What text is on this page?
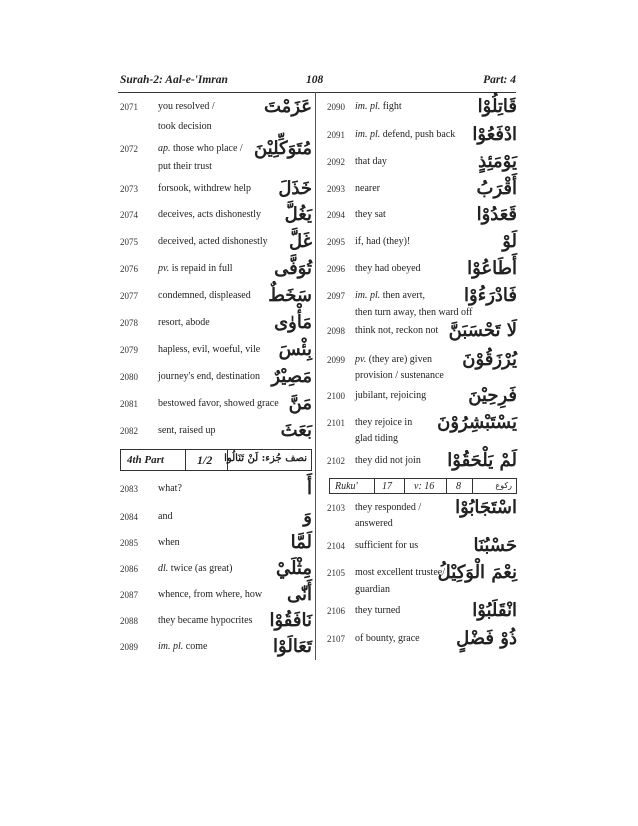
Surah-2: Aal-e-'Imran	108	Part: 4
2071 you resolved /	عَزَمْتَ
took decision
2072 ap. those who place / مُتَوَكِّلِيْنَ
put their trust
2073 forsook, withdrew help خَذَلَ
2074 deceives, acts dishonestly يَغُلَّ
2075 deceived, acted dishonestly غَلَّ
2076 pv. is repaid in full تُوَفَّى
2077 condemned, displeased سَخَطٌ
2078 resort, abode	مَأْوٰى
2079 hapless, evil, woeful, vile بِئْسَ
2080 journey's end, destination مَصِيْرٌ
2081 bestowed favor, showed grace مَنَّ
2082 sent, raised up	بَعَثَ
4th Part	1/2 نصف جُزء: لَنْ تَنَالُوا
2083 what?	أَ
2084 and	وَ
2085 when	لَمَّا
2086 dl. twice (as great) مِثْلَيْ
2087 whence, from where, how أَنّٰى
2088 they became hypocrites نَافَقُوْا
2089 im. pl. come	تَعَالَوْا
2090 im. pl. fight	قَاتِلُوْا
2091 im. pl. defend, push back ادْفَعُوْا
2092 that day	يَوْمَئِذٍ
2093 nearer	أَقْرَبُ
2094 they sat	قَعَدُوْا
2095 if, had (they)!	لَوْ
2096 they had obeyed	أَطَاعُوْا
2097 im. pl. then avert, فَادْرَءُوْا
then turn away, then ward off
2098 think not, reckon not لَا تَحْسَبَنَّ
2099 pv. (they are) given يُرْزَقُوْنَ
provision / sustenance
2100 jubilant, rejoicing فَرِحِيْنَ
2101 they rejoice in يَسْتَبْشِرُوْنَ
glad tiding
2102 they did not join لَمْ يَلْحَقُوْا
Ruku' 17 v: 16 8	رکوع
2103 they responded / اسْتَجَابُوْا
answered
2104 sufficient for us	حَسْبُنَا
2105 most excellent trustee/
نِعْمَ الْوَكِيْلُ
guardian
2106 they turned	انْقَلَبُوْا
2107 of bounty, grace ذُوْ فَضْلٍ
